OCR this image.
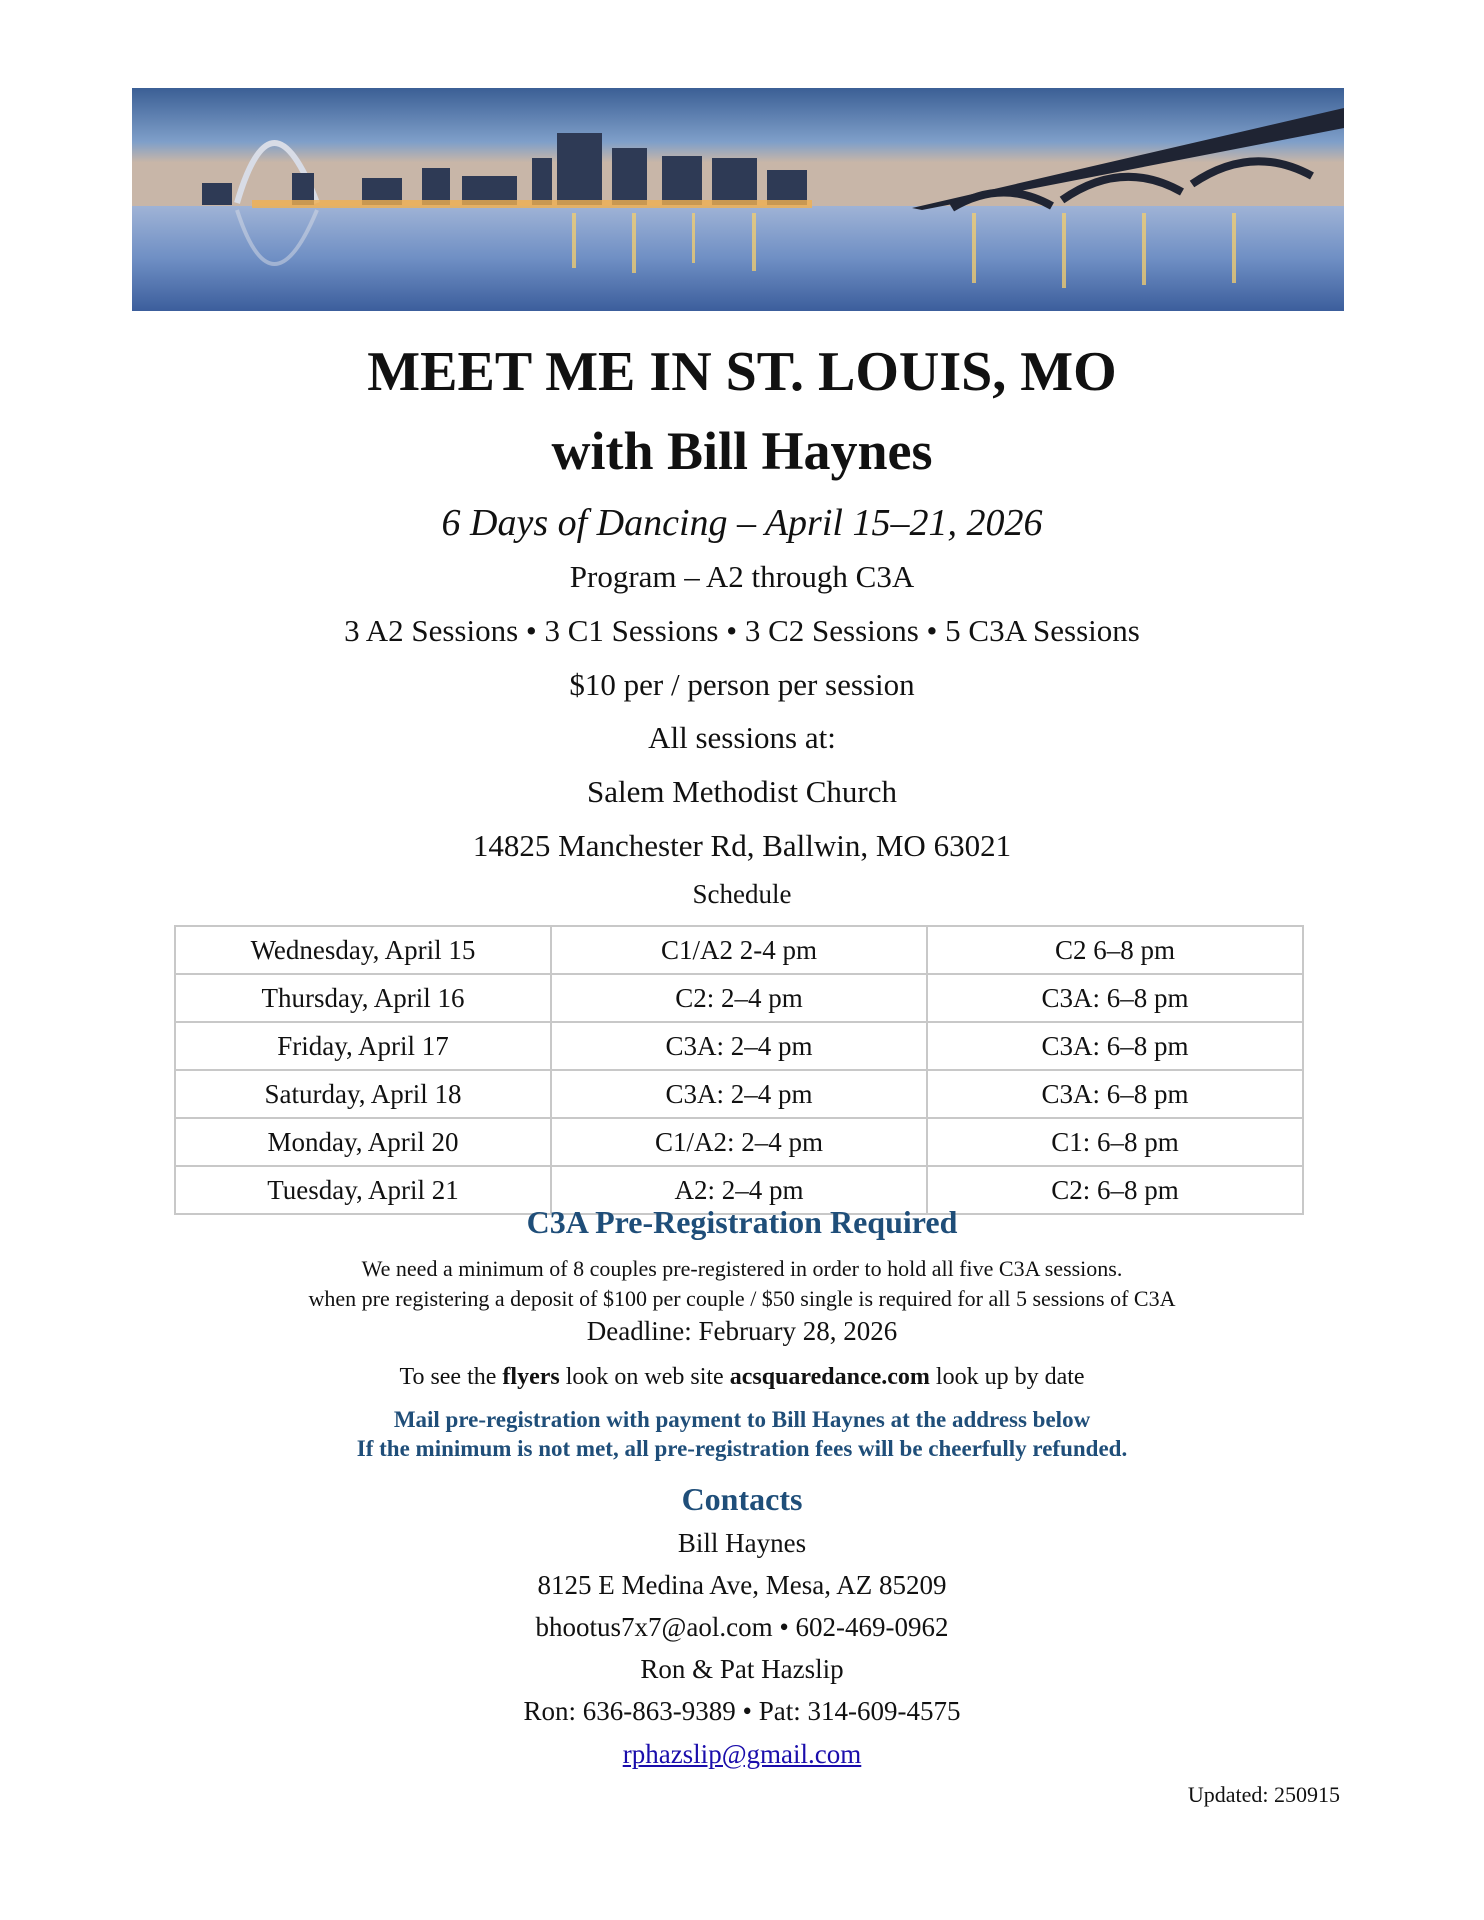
MEET ME IN ST. LOUIS, MO
with Bill Haynes
6 Days of Dancing – April 15–21, 2026
Program – A2 through C3A
3 A2 Sessions • 3 C1 Sessions • 3 C2 Sessions • 5 C3A Sessions
$10 per / person per session
All sessions at:
Salem Methodist Church
14825 Manchester Rd, Ballwin, MO 63021
Schedule
Wednesday, April 15	C1/A2 2-4 pm	C2 6–8 pm
Thursday, April 16	C2: 2–4 pm	C3A: 6–8 pm
Friday, April 17	C3A: 2–4 pm	C3A: 6–8 pm
Saturday, April 18	C3A: 2–4 pm	C3A: 6–8 pm
Monday, April 20	C1/A2: 2–4 pm	C1: 6–8 pm
Tuesday, April 21	A2: 2–4 pm	C2: 6–8 pm
C3A Pre-Registration Required
We need a minimum of 8 couples pre-registered in order to hold all five C3A sessions.
when pre registering a deposit of $100 per couple / $50 single is required for all 5 sessions of C3A
Deadline: February 28, 2026
To see the flyers look on web site acsquaredance.com look up by date
Mail pre-registration with payment to Bill Haynes at the address below
If the minimum is not met, all pre-registration fees will be cheerfully refunded.
Contacts
Bill Haynes
8125 E Medina Ave, Mesa, AZ 85209
bhootus7x7@aol.com • 602-469-0962
Ron & Pat Hazslip
Ron: 636-863-9389 • Pat: 314-609-4575
rphazslip@gmail.com
Updated: 250915
